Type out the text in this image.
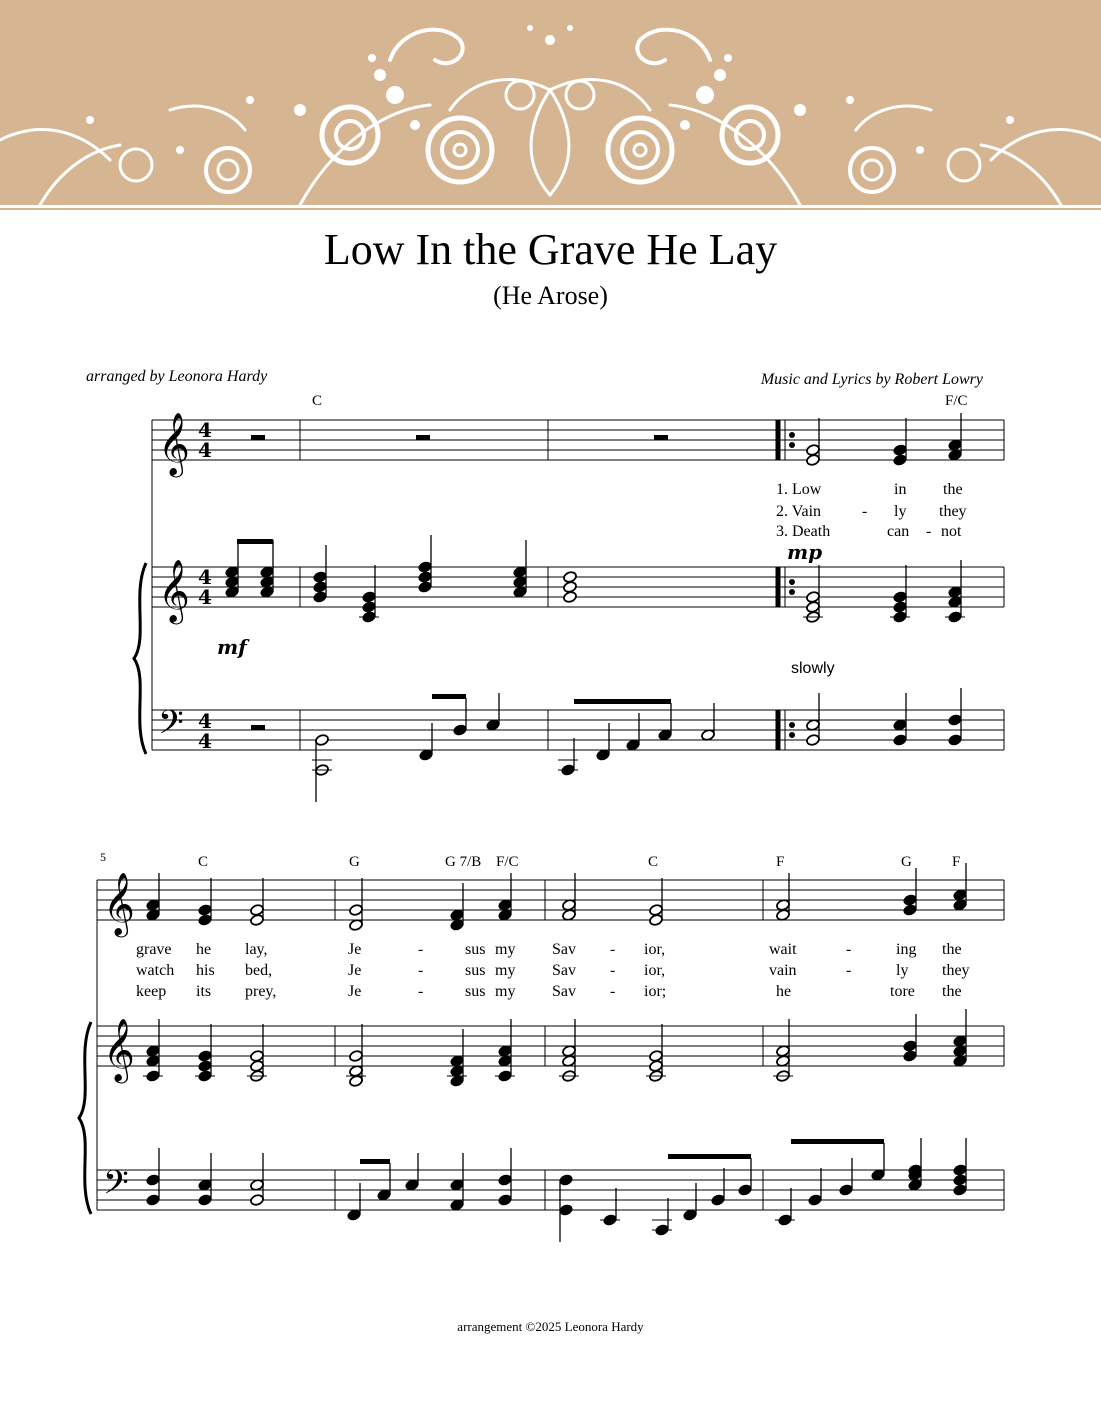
Low In the Grave He Lay
(He Arose)
arranged by Leonora Hardy	Music and Lyrics by Robert Lowry
𝄞
𝄞
𝄢
𝄞
𝄞
𝄢
4
4
4
4
4
4
C	F/C
1. Low	in the
2. Vain	- ly they
3. Death	can - not
mp
mf
slowly
5	C	G	G 7/B F/C	C	F	G	F
grave he lay,	Je	-	sus my Sav - ior,	wait	-	ing the
watch his bed,	Je	-	sus my Sav - ior,	vain	-	ly they
keep its prey,	Je	-	sus my Sav - ior;	he	tore the
arrangement ©2025 Leonora Hardy
